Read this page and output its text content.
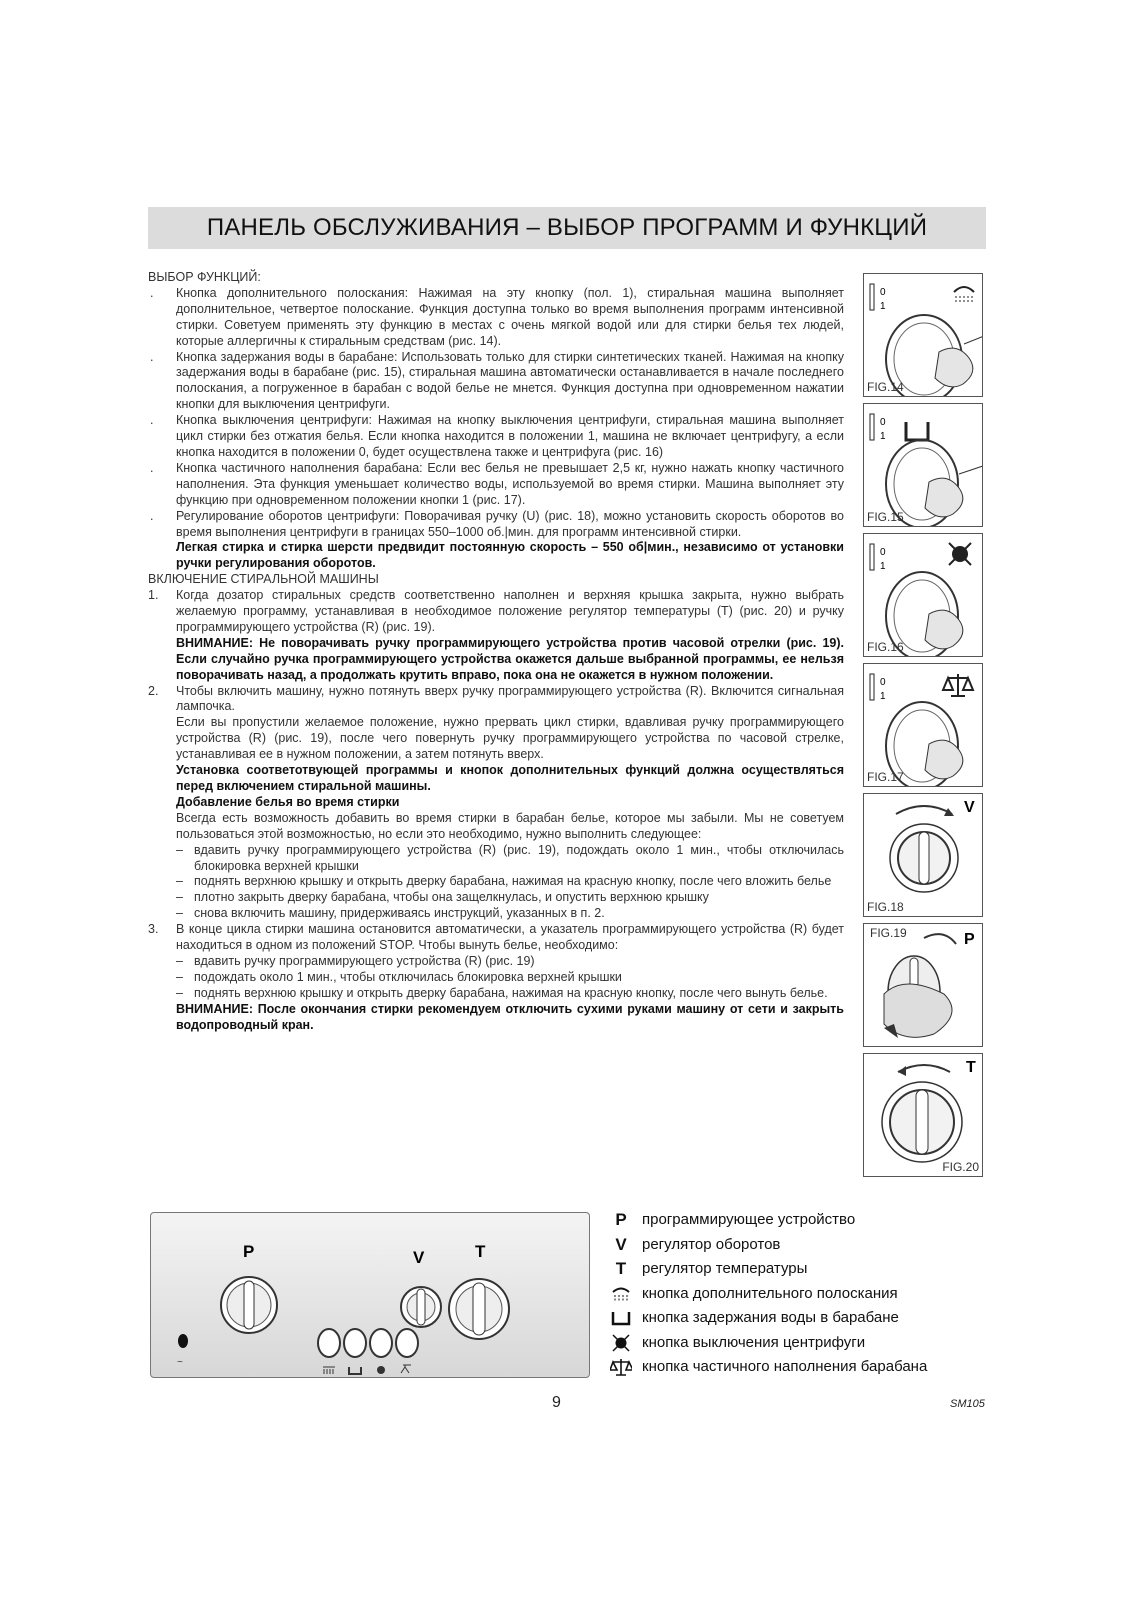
ПАНЕЛЬ ОБСЛУЖИВАНИЯ – ВЫБОР ПРОГРАММ И ФУНКЦИЙ

ВЫБОР ФУНКЦИЙ:

. Кнопка дополнительного полоскания: Нажимая на эту кнопку (пол. 1), стиральная машина выполняет дополнительное, четвертое полоскание. Функция доступна только во время выполнения программ интенсивной стирки. Советуем применять эту функцию в местах с очень мягкой водой или для стирки белья тех людей, которые аллергичны к стиральным средствам (рис. 14).

. Кнопка задержания воды в барабане: Использовать только для стирки синтетических тканей. Нажимая на кнопку задержания воды в барабане (рис. 15), стиральная машина автоматически останавливается в начале последнего полоскания, а погруженное в барабан с водой белье не мнется. Функция доступна при одновременном нажатии кнопки для выключения центрифуги.

. Кнопка выключения центрифуги: Нажимая на кнопку выключения центрифуги, стиральная машина выполняет цикл стирки без отжатия белья. Если кнопка находится в положении 1, машина не включает центрифугу, а если кнопка находится в положении 0, будет осуществлена также и центрифуга (рис. 16)

. Кнопка частичного наполнения барабана: Если вес белья не превышает 2,5 кг, нужно нажать кнопку частичного наполнения. Эта функция уменьшает количество воды, используемой во время стирки. Машина выполняет эту функцию при одновременном положении кнопки 1 (рис. 17).

. Регулирование оборотов центрифуги: Поворачивая ручку (U) (рис. 18), можно установить скорость оборотов во время выполнения центрифуги в границах 550–1000 об.|мин. для программ интенсивной стирки.

Легкая стирка и стирка шерсти предвидит постоянную скорость – 550 об|мин., независимо от установки ручки регулирования оборотов.

ВКЛЮЧЕНИЕ СТИРАЛЬНОЙ МАШИНЫ

1. Когда дозатор стиральных средств соответственно наполнен и верхняя крышка закрыта, нужно выбрать желаемую программу, устанавливая в необходимое положение регулятор температуры (Т) (рис. 20) и ручку программирующего устройства (R) (рис. 19).

ВНИМАНИЕ: Не поворачивать ручку программирующего устройства против часовой отрелки (рис. 19). Если случайно ручка программирующего устройства окажется дальше выбранной программы, ее нельзя поворачивать назад, а продолжать крутить вправо, пока она не окажется в нужном положении.

2. Чтобы включить машину, нужно потянуть вверх ручку программирующего устройства (R). Включится сигнальная лампочка.

Если вы пропустили желаемое положение, нужно прервать цикл стирки, вдавливая ручку программирующего устройства (R) (рис. 19), после чего повернуть ручку программирующего устройства по часовой стрелке, устанавливая ее в нужном положении, а затем потянуть вверх.

Установка соответотвующей программы и кнопок дополнительных функций должна осуществляться перед включением стиральной машины.

Добавление белья во время стирки

Всегда есть возможность добавить во время стирки в барабан белье, которое мы забыли. Мы не советуем пользоваться этой возможностью, но если это необходимо, нужно выполнить следующее:

– вдавить ручку программирующего устройства (R) (рис. 19), подождать около 1 мин., чтобы отключилась блокировка верхней крышки

– поднять верхнюю крышку и открыть дверку барабана, нажимая на красную кнопку, после чего вложить белье

– плотно закрыть дверку барабана, чтобы она защелкнулась, и опустить верхнюю крышку

– снова включить машину, придерживаясь инструкций, указанных в п. 2.

3. В конце цикла стирки машина остановится автоматически, а указатель программирующего устройства (R) будет находиться в одном из положений STOP. Чтобы вынуть белье, необходимо:

– вдавить ручку программирующего устройства (R) (рис. 19)

– подождать около 1 мин., чтобы отключилась блокировка верхней крышки

– поднять верхнюю крышку и открыть дверку барабана, нажимая на красную кнопку, после чего вынуть белье.

ВНИМАНИЕ: После окончания стирки рекомендуем отключить сухими руками машину от сети и закрыть водопроводный кран.

0
1
FIG.14
0
1
FIG.15
0
1
FIG.16
0
1
FIG.17
V
FIG.18
P
FIG.19
T
FIG.20
P	V	T
~
P	программирующее устройство
V	регулятор оборотов
T	регулятор температуры
кнопка дополнительного полоскания
кнопка задержания воды в барабане
кнопка выключения центрифуги
кнопка частичного наполнения барабана
9	SM105
